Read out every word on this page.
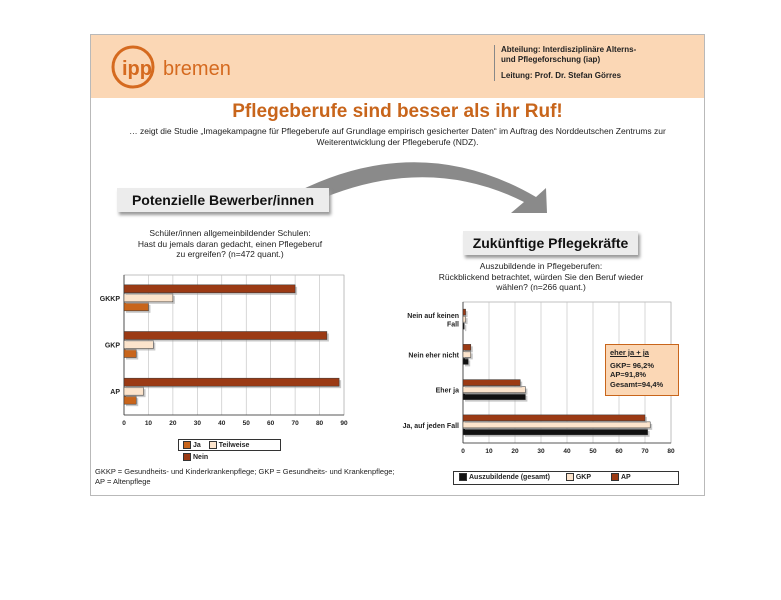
ipp bremen
Abteilung: Interdisziplinäre Alterns-
und Pflegeforschung (iap)
Leitung: Prof. Dr. Stefan Görres
Pflegeberufe sind besser als ihr Ruf!
… zeigt die Studie „Imagekampagne für Pflegeberufe auf Grundlage empirisch gesicherter Daten“ im Auftrag des Norddeutschen Zentrums zur Weiterentwicklung der Pflegeberufe (NDZ).
Potenzielle Bewerber/innen
Zukünftige Pflegekräfte
Schüler/innen allgemeinbildender Schulen:
Hast du jemals daran gedacht, einen Pflegeberuf
zu ergreifen? (n=472 quant.)
Auszubildende in Pflegeberufen:
Rückblickend betrachtet, würden Sie den Beruf wieder
wählen? (n=266 quant.)
0	10	20	30	40	50	60	70	80	90
GKKP
GKP
AP
0	10	20	30	40	50	60	70	80
Nein auf keinen
Fall
Nein eher nicht
Eher ja
Ja, auf jeden Fall
Ja	Teilweise Nein
eher ja + ja
GKP= 96,2%
AP=91,8%
Gesamt=94,4%
Auszubildende (gesamt)	GKP	AP
GKKP = Gesundheits- und Kinderkrankenpflege; GKP = Gesundheits- und Krankenpflege;
AP = Altenpflege
